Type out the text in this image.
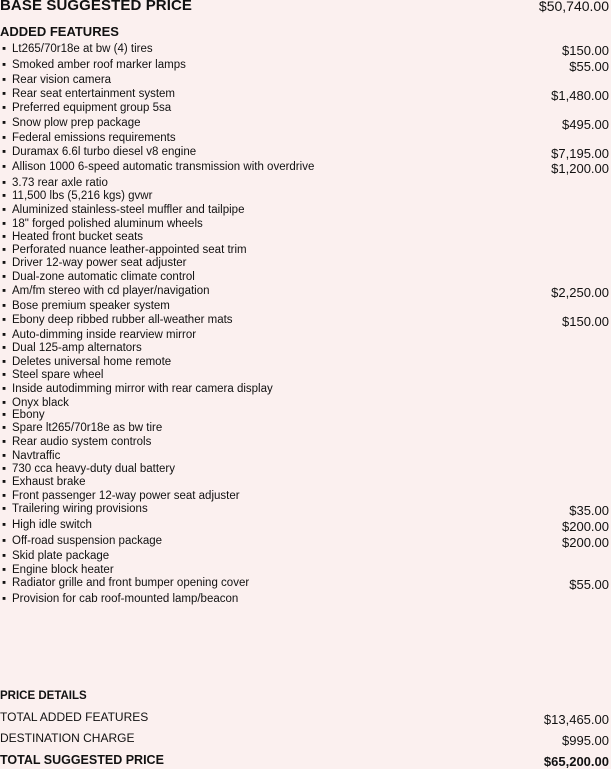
BASE SUGGESTED PRICE	$50,740.00
ADDED FEATURES
▪ Lt265/70r18e at bw (4) tires	$150.00
▪ Smoked amber roof marker lamps	$55.00
▪ Rear vision camera
▪ Rear seat entertainment system	$1,480.00
▪ Preferred equipment group 5sa
▪ Snow plow prep package	$495.00
▪ Federal emissions requirements
▪ Duramax 6.6l turbo diesel v8 engine	$7,195.00
▪ Allison 1000 6-speed automatic transmission with overdrive	$1,200.00
▪ 3.73 rear axle ratio
▪ 11,500 lbs (5,216 kgs) gvwr
▪ Aluminized stainless-steel muffler and tailpipe
▪ 18" forged polished aluminum wheels
▪ Heated front bucket seats
▪ Perforated nuance leather-appointed seat trim
▪ Driver 12-way power seat adjuster
▪ Dual-zone automatic climate control
▪ Am/fm stereo with cd player/navigation	$2,250.00
▪ Bose premium speaker system
▪ Ebony deep ribbed rubber all-weather mats	$150.00
▪ Auto-dimming inside rearview mirror
▪ Dual 125-amp alternators
▪ Deletes universal home remote
▪ Steel spare wheel
▪ Inside autodimming mirror with rear camera display
▪ Onyx black
▪ Ebony
▪ Spare lt265/70r18e as bw tire
▪ Rear audio system controls
▪ Navtraffic
▪ 730 cca heavy-duty dual battery
▪ Exhaust brake
▪ Front passenger 12-way power seat adjuster
▪ Trailering wiring provisions	$35.00
▪ High idle switch	$200.00
▪ Off-road suspension package	$200.00
▪ Skid plate package
▪ Engine block heater
▪ Radiator grille and front bumper opening cover	$55.00
▪ Provision for cab roof-mounted lamp/beacon
PRICE DETAILS
TOTAL ADDED FEATURES	$13,465.00
DESTINATION CHARGE	$995.00
TOTAL SUGGESTED PRICE	$65,200.00
